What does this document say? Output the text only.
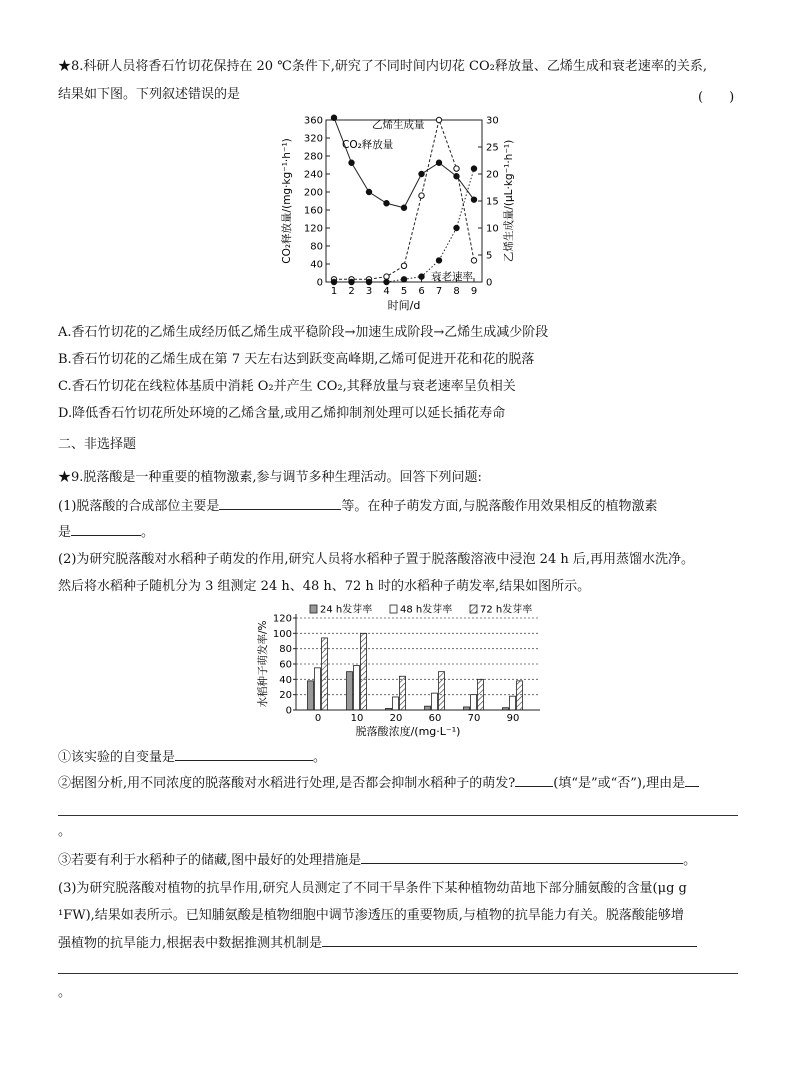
★8.科研人员将香石竹切花保持在 20 ℃条件下,研究了不同时间内切花 CO₂释放量、乙烯生成和衰老速率的关系,
结果如下图。下列叙述错误的是	(　　)
0
40
80
120
160
200
240
280
320
360
0
5
10
15
20
25
30
1 2 3 4 5 6 7 8 9
时间/d
CO₂释放量/(mg·kg⁻¹·h⁻¹)	乙烯生成量/(μL·kg⁻¹·h⁻¹)
CO₂释放量
乙烯生成量
衰老速率
A.香石竹切花的乙烯生成经历低乙烯生成平稳阶段→加速生成阶段→乙烯生成减少阶段
B.香石竹切花的乙烯生成在第 7 天左右达到跃变高峰期,乙烯可促进开花和花的脱落
C.香石竹切花在线粒体基质中消耗 O₂并产生 CO₂,其释放量与衰老速率呈负相关
D.降低香石竹切花所处环境的乙烯含量,或用乙烯抑制剂处理可以延长插花寿命
二、非选择题
★9.脱落酸是一种重要的植物激素,参与调节多种生理活动。回答下列问题:
(1)脱落酸的合成部位主要是	等。在种子萌发方面,与脱落酸作用效果相反的植物激素
是	。
(2)为研究脱落酸对水稻种子萌发的作用,研究人员将水稻种子置于脱落酸溶液中浸泡 24 h 后,再用蒸馏水洗净。
然后将水稻种子随机分为 3 组测定 24 h、48 h、72 h 时的水稻种子萌发率,结果如图所示。
0
20
40
60
80
100
120
0	10	20	60	70	90
脱落酸浓度/(mg·L⁻¹)
水稻种子萌发率/%
24 h发芽率	48 h发芽率	72 h发芽率
①该实验的自变量是	。
②据图分析,用不同浓度的脱落酸对水稻进行处理,是否都会抑制水稻种子的萌发?	(填“是”或“否”),理由是
。
③若要有利于水稻种子的储藏,图中最好的处理措施是	。
(3)为研究脱落酸对植物的抗旱作用,研究人员测定了不同干旱条件下某种植物幼苗地下部分脯氨酸的含量(μg g
¹FW),结果如表所示。已知脯氨酸是植物细胞中调节渗透压的重要物质,与植物的抗旱能力有关。脱落酸能够增
强植物的抗旱能力,根据表中数据推测其机制是
。
